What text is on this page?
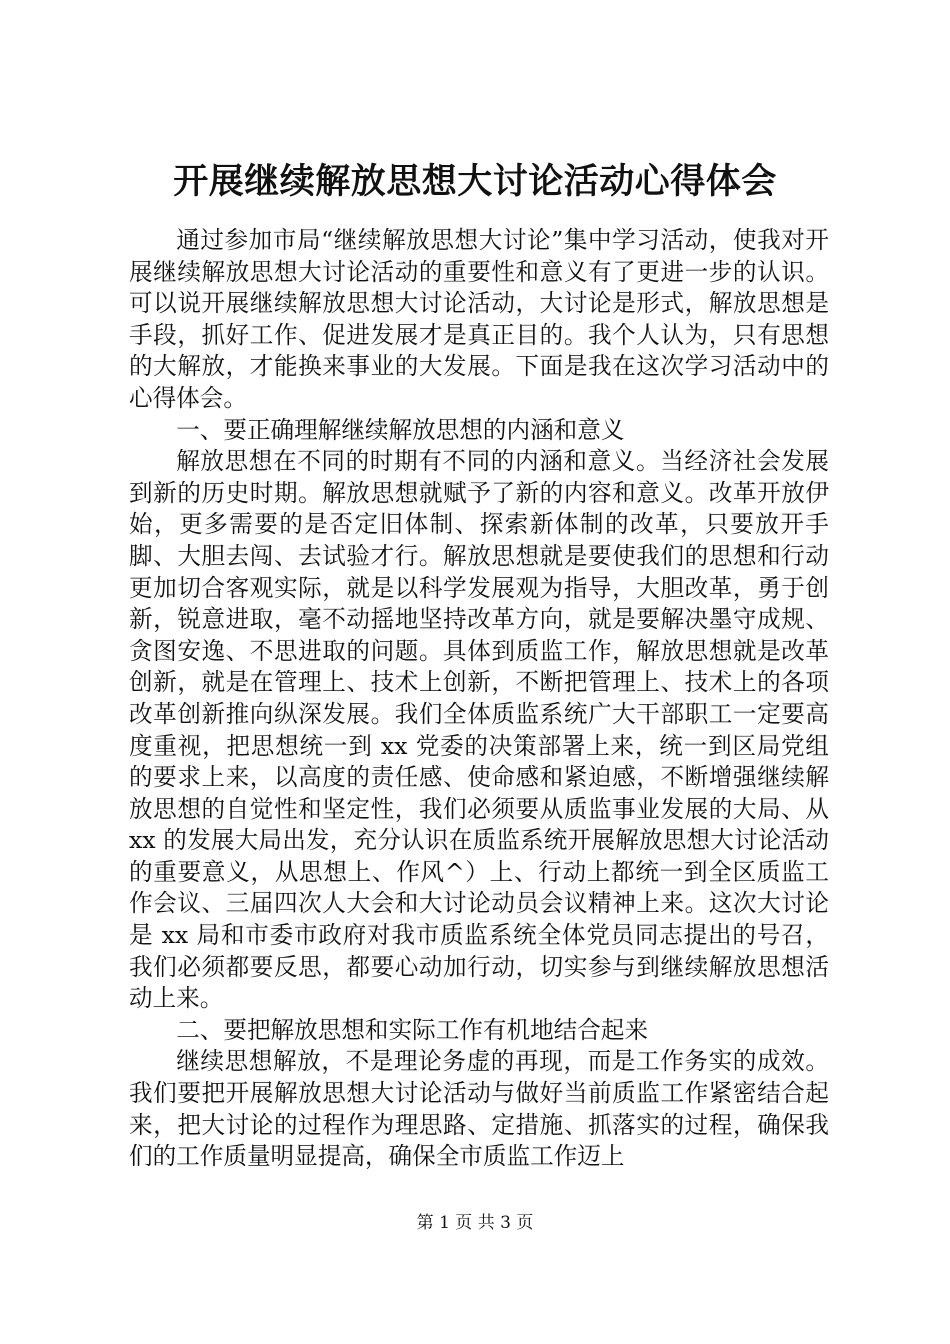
开展继续解放思想大讨论活动心得体会

通过参加市局“继续解放思想大讨论”集中学习活动，使我对开展继续解放思想大讨论活动的重要性和意义有了更进一步的认识。可以说开展继续解放思想大讨论活动，大讨论是形式，解放思想是手段，抓好工作、促进发展才是真正目的。我个人认为，只有思想的大解放，才能换来事业的大发展。下面是我在这次学习活动中的心得体会。

一、要正确理解继续解放思想的内涵和意义

解放思想在不同的时期有不同的内涵和意义。当经济社会发展到新的历史时期。解放思想就赋予了新的内容和意义。改革开放伊始，更多需要的是否定旧体制、探索新体制的改革，只要放开手脚、大胆去闯、去试验才行。解放思想就是要使我们的思想和行动更加切合客观实际，就是以科学发展观为指导，大胆改革，勇于创新，锐意进取，毫不动摇地坚持改革方向，就是要解决墨守成规、贪图安逸、不思进取的问题。具体到质监工作，解放思想就是改革创新，就是在管理上、技术上创新，不断把管理上、技术上的各项改革创新推向纵深发展。我们全体质监系统广大干部职工一定要高度重视，把思想统一到 xx 党委的决策部署上来，统一到区局党组的要求上来，以高度的责任感、使命感和紧迫感，不断增强继续解放思想的自觉性和坚定性，我们必须要从质监事业发展的大局、从 xx 的发展大局出发，充分认识在质监系统开展解放思想大讨论活动的重要意义，从思想上、作风^）上、行动上都统一到全区质监工作会议、三届四次人大会和大讨论动员会议精神上来。这次大讨论是 xx 局和市委市政府对我市质监系统全体党员同志提出的号召，我们必须都要反思，都要心动加行动，切实参与到继续解放思想活动上来。

二、要把解放思想和实际工作有机地结合起来

继续思想解放，不是理论务虚的再现，而是工作务实的成效。我们要把开展解放思想大讨论活动与做好当前质监工作紧密结合起来，把大讨论的过程作为理思路、定措施、抓落实的过程，确保我们的工作质量明显提高，确保全市质监工作迈上

第 1 页 共 3 页
